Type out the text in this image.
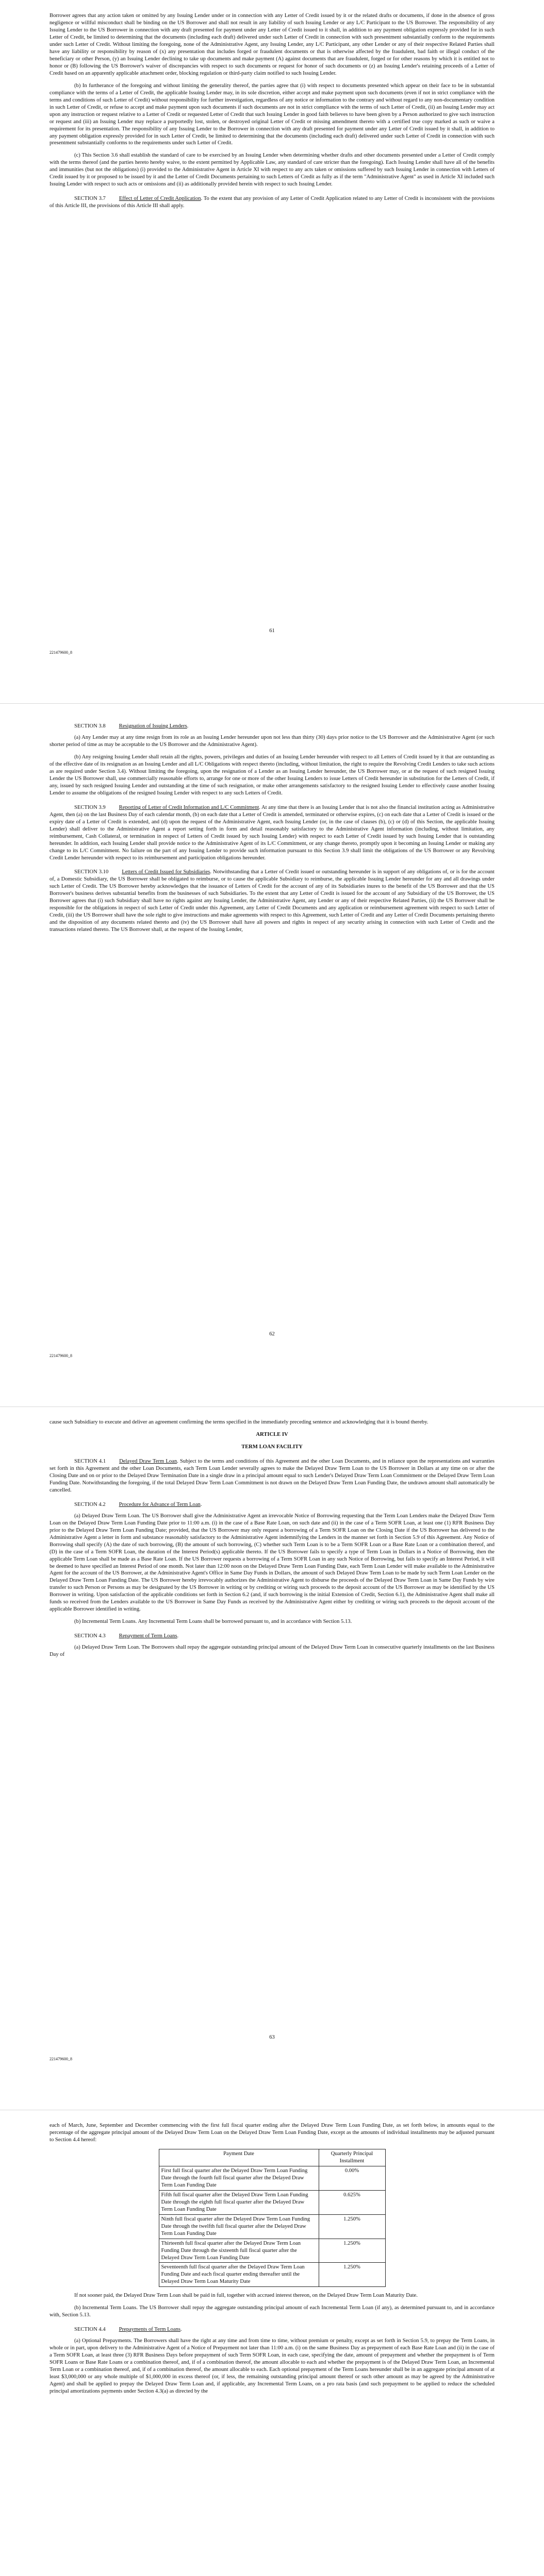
Borrower agrees that any action taken or omitted by any Issuing Lender under or in connection with any Letter of Credit issued by it or the related drafts or documents, if done in the absence of gross negligence or willful misconduct shall be binding on the US Borrower and shall not result in any liability of such Issuing Lender or any L/C Participant to the US Borrower. The responsibility of any Issuing Lender to the US Borrower in connection with any draft presented for payment under any Letter of Credit issued to it shall, in addition to any payment obligation expressly provided for in such Letter of Credit, be limited to determining that the documents (including each draft) delivered under such Letter of Credit in connection with such presentment substantially conform to the requirements under such Letter of Credit. Without limiting the foregoing, none of the Administrative Agent, any Issuing Lender, any L/C Participant, any other Lender or any of their respective Related Parties shall have any liability or responsibility by reason of (x) any presentation that includes forged or fraudulent documents or that is otherwise affected by the fraudulent, bad faith or illegal conduct of the beneficiary or other Person, (y) an Issuing Lender declining to take up documents and make payment (A) against documents that are fraudulent, forged or for other reasons by which it is entitled not to honor or (B) following the US Borrower's waiver of discrepancies with respect to such documents or request for honor of such documents or (z) an Issuing Lender's retaining proceeds of a Letter of Credit based on an apparently applicable attachment order, blocking regulation or third-party claim notified to such Issuing Lender.

(b) In furtherance of the foregoing and without limiting the generality thereof, the parties agree that (i) with respect to documents presented which appear on their face to be in substantial compliance with the terms of a Letter of Credit, the applicable Issuing Lender may, in its sole discretion, either accept and make payment upon such documents (even if not in strict compliance with the terms and conditions of such Letter of Credit) without responsibility for further investigation, regardless of any notice or information to the contrary and without regard to any non-documentary condition in such Letter of Credit, or refuse to accept and make payment upon such documents if such documents are not in strict compliance with the terms of such Letter of Credit, (ii) an Issuing Lender may act upon any instruction or request relative to a Letter of Credit or requested Letter of Credit that such Issuing Lender in good faith believes to have been given by a Person authorized to give such instruction or request and (iii) an Issuing Lender may replace a purportedly lost, stolen, or destroyed original Letter of Credit or missing amendment thereto with a certified true copy marked as such or waive a requirement for its presentation. The responsibility of any Issuing Lender to the Borrower in connection with any draft presented for payment under any Letter of Credit issued by it shall, in addition to any payment obligation expressly provided for in such Letter of Credit, be limited to determining that the documents (including each draft) delivered under such Letter of Credit in connection with such presentment substantially conforms to the requirements under such Letter of Credit.

(c) This Section 3.6 shall establish the standard of care to be exercised by an Issuing Lender when determining whether drafts and other documents presented under a Letter of Credit comply with the terms thereof (and the parties hereto hereby waive, to the extent permitted by Applicable Law, any standard of care stricter than the foregoing). Each Issuing Lender shall have all of the benefits and immunities (but not the obligations) (i) provided to the Administrative Agent in Article XI with respect to any acts taken or omissions suffered by such Issuing Lender in connection with Letters of Credit issued by it or proposed to be issued by it and the Letter of Credit Documents pertaining to such Letters of Credit as fully as if the term "Administrative Agent" as used in Article XI included such Issuing Lender with respect to such acts or omissions and (ii) as additionally provided herein with respect to such Issuing Lender.

SECTION 3.7 Effect of Letter of Credit Application. To the extent that any provision of any Letter of Credit Application related to any Letter of Credit is inconsistent with the provisions of this Article III, the provisions of this Article III shall apply.

61
221479600_8

SECTION 3.8 Resignation of Issuing Lenders.

(a) Any Lender may at any time resign from its role as an Issuing Lender hereunder upon not less than thirty (30) days prior notice to the US Borrower and the Administrative Agent (or such shorter period of time as may be acceptable to the US Borrower and the Administrative Agent).

(b) Any resigning Issuing Lender shall retain all the rights, powers, privileges and duties of an Issuing Lender hereunder with respect to all Letters of Credit issued by it that are outstanding as of the effective date of its resignation as an Issuing Lender and all L/C Obligations with respect thereto (including, without limitation, the right to require the Revolving Credit Lenders to take such actions as are required under Section 3.4). Without limiting the foregoing, upon the resignation of a Lender as an Issuing Lender hereunder, the US Borrower may, or at the request of such resigned Issuing Lender the US Borrower shall, use commercially reasonable efforts to, arrange for one or more of the other Issuing Lenders to issue Letters of Credit hereunder in substitution for the Letters of Credit, if any, issued by such resigned Issuing Lender and outstanding at the time of such resignation, or make other arrangements satisfactory to the resigned Issuing Lender to effectively cause another Issuing Lender to assume the obligations of the resigned Issuing Lender with respect to any such Letters of Credit.

SECTION 3.9 Reporting of Letter of Credit Information and L/C Commitment. At any time that there is an Issuing Lender that is not also the financial institution acting as Administrative Agent, then (a) on the last Business Day of each calendar month, (b) on each date that a Letter of Credit is amended, terminated or otherwise expires, (c) on each date that a Letter of Credit is issued or the expiry date of a Letter of Credit is extended, and (d) upon the request of the Administrative Agent, each Issuing Lender (or, in the case of clauses (b), (c) or (d) of this Section, the applicable Issuing Lender) shall deliver to the Administrative Agent a report setting forth in form and detail reasonably satisfactory to the Administrative Agent information (including, without limitation, any reimbursement, Cash Collateral, or termination in respect of Letters of Credit issued by such Issuing Lender) with respect to each Letter of Credit issued by such Issuing Lender that is outstanding hereunder. In addition, each Issuing Lender shall provide notice to the Administrative Agent of its L/C Commitment, or any change thereto, promptly upon it becoming an Issuing Lender or making any change to its L/C Commitment. No failure on the part of any Issuing Lender to provide such information pursuant to this Section 3.9 shall limit the obligations of the US Borrower or any Revolving Credit Lender hereunder with respect to its reimbursement and participation obligations hereunder.

SECTION 3.10 Letters of Credit Issued for Subsidiaries. Notwithstanding that a Letter of Credit issued or outstanding hereunder is in support of any obligations of, or is for the account of, a Domestic Subsidiary, the US Borrower shall be obligated to reimburse, or to cause the applicable Subsidiary to reimburse, the applicable Issuing Lender hereunder for any and all drawings under such Letter of Credit. The US Borrower hereby acknowledges that the issuance of Letters of Credit for the account of any of its Subsidiaries inures to the benefit of the US Borrower and that the US Borrower's business derives substantial benefits from the businesses of such Subsidiaries. To the extent that any Letter of Credit is issued for the account of any Subsidiary of the US Borrower, the US Borrower agrees that (i) such Subsidiary shall have no rights against any Issuing Lender, the Administrative Agent, any Lender or any of their respective Related Parties, (ii) the US Borrower shall be responsible for the obligations in respect of such Letter of Credit under this Agreement, any Letter of Credit Documents and any application or reimbursement agreement with respect to such Letter of Credit, (iii) the US Borrower shall have the sole right to give instructions and make agreements with respect to this Agreement, such Letter of Credit and any Letter of Credit Documents pertaining thereto and the disposition of any documents related thereto and (iv) the US Borrower shall have all powers and rights in respect of any security arising in connection with such Letter of Credit and the transactions related thereto. The US Borrower shall, at the request of the Issuing Lender,

62
221479600_8

cause such Subsidiary to execute and deliver an agreement confirming the terms specified in the immediately preceding sentence and acknowledging that it is bound thereby.

ARTICLE IV
TERM LOAN FACILITY

SECTION 4.1 Delayed Draw Term Loan. Subject to the terms and conditions of this Agreement and the other Loan Documents, and in reliance upon the representations and warranties set forth in this Agreement and the other Loan Documents, each Term Loan Lender severally agrees to make the Delayed Draw Term Loan to the US Borrower in Dollars at any time on or after the Closing Date and on or prior to the Delayed Draw Termination Date in a single draw in a principal amount equal to such Lender's Delayed Draw Term Loan Commitment or the Delayed Draw Term Loan Funding Date. Notwithstanding the foregoing, if the total Delayed Draw Term Loan Commitment is not drawn on the Delayed Draw Term Loan Funding Date, the undrawn amount shall automatically be cancelled.

SECTION 4.2 Procedure for Advance of Term Loan.

(a) Delayed Draw Term Loan. The US Borrower shall give the Administrative Agent an irrevocable Notice of Borrowing requesting that the Term Loan Lenders make the Delayed Draw Term Loan on the Delayed Draw Term Loan Funding Date prior to 11:00 a.m. (i) in the case of a Base Rate Loan, on such date and (ii) in the case of a Term SOFR Loan, at least one (1) RFR Business Day prior to the Delayed Draw Term Loan Funding Date; provided, that the US Borrower may only request a borrowing of a Term SOFR Loan on the Closing Date if the US Borrower has delivered to the Administrative Agent a letter in form and substance reasonably satisfactory to the Administrative Agent indemnifying the Lenders in the manner set forth in Section 5.9 of this Agreement. Any Notice of Borrowing shall specify (A) the date of such borrowing, (B) the amount of such borrowing, (C) whether such Term Loan is to be a Term SOFR Loan or a Base Rate Loan or a combination thereof, and (D) in the case of a Term SOFR Loan, the duration of the Interest Period(s) applicable thereto. If the US Borrower fails to specify a type of Term Loan in Dollars in a Notice of Borrowing, then the applicable Term Loan shall be made as a Base Rate Loan. If the US Borrower requests a borrowing of a Term SOFR Loan in any such Notice of Borrowing, but fails to specify an Interest Period, it will be deemed to have specified an Interest Period of one month. Not later than 12:00 noon on the Delayed Draw Term Loan Funding Date, each Term Loan Lender will make available to the Administrative Agent for the account of the US Borrower, at the Administrative Agent's Office in Same Day Funds in Dollars, the amount of such Delayed Draw Term Loan to be made by such Term Loan Lender on the Delayed Draw Term Loan Funding Date. The US Borrower hereby irrevocably authorizes the Administrative Agent to disburse the proceeds of the Delayed Draw Term Loan in Same Day Funds by wire transfer to such Person or Persons as may be designated by the US Borrower in writing or by crediting or wiring such proceeds to the deposit account of the US Borrower as may be identified by the US Borrower in writing. Upon satisfaction of the applicable conditions set forth in Section 6.2 (and, if such borrowing is the initial Extension of Credit, Section 6.1), the Administrative Agent shall make all funds so received from the Lenders available to the US Borrower in Same Day Funds as received by the Administrative Agent either by crediting or wiring such proceeds to the deposit account of the applicable Borrower identified in writing.

(b) Incremental Term Loans. Any Incremental Term Loans shall be borrowed pursuant to, and in accordance with Section 5.13.

SECTION 4.3 Repayment of Term Loans.

(a) Delayed Draw Term Loan. The Borrowers shall repay the aggregate outstanding principal amount of the Delayed Draw Term Loan in consecutive quarterly installments on the last Business Day of

63
221479600_8

each of March, June, September and December commencing with the first full fiscal quarter ending after the Delayed Draw Term Loan Funding Date, as set forth below, in amounts equal to the percentage of the aggregate principal amount of the Delayed Draw Term Loan on the Delayed Draw Term Loan Funding Date, except as the amounts of individual installments may be adjusted pursuant to Section 4.4 hereof:

Payment Date	Quarterly Principal Installment
First full fiscal quarter after the Delayed Draw Term Loan Funding Date through the fourth full fiscal quarter after the Delayed Draw Term Loan Funding Date	0.00%
Fifth full fiscal quarter after the Delayed Draw Term Loan Funding Date through the eighth full fiscal quarter after the Delayed Draw Term Loan Funding Date	0.625%
Ninth full fiscal quarter after the Delayed Draw Term Loan Funding Date through the twelfth full fiscal quarter after the Delayed Draw Term Loan Funding Date	1.250%
Thirteenth full fiscal quarter after the Delayed Draw Term Loan Funding Date through the sixteenth full fiscal quarter after the Delayed Draw Term Loan Funding Date	1.250%
Seventeenth full fiscal quarter after the Delayed Draw Term Loan Funding Date and each fiscal quarter ending thereafter until the Delayed Draw Term Loan Maturity Date	1.250%

If not sooner paid, the Delayed Draw Term Loan shall be paid in full, together with accrued interest thereon, on the Delayed Draw Term Loan Maturity Date.

(b) Incremental Term Loans. The US Borrower shall repay the aggregate outstanding principal amount of each Incremental Term Loan (if any), as determined pursuant to, and in accordance with, Section 5.13.

SECTION 4.4 Prepayments of Term Loans.

(a) Optional Prepayments. The Borrowers shall have the right at any time and from time to time, without premium or penalty, except as set forth in Section 5.9, to prepay the Term Loans, in whole or in part, upon delivery to the Administrative Agent of a Notice of Prepayment not later than 11:00 a.m. (i) on the same Business Day as prepayment of each Base Rate Loan and (ii) in the case of a Term SOFR Loan, at least three (3) RFR Business Days before prepayment of such Term SOFR Loan, in each case, specifying the date, amount of prepayment and whether the prepayment is of Term SOFR Loans or Base Rate Loans or a combination thereof, and, if of a combination thereof, the amount allocable to each and whether the prepayment is of the Delayed Draw Term Loan, an Incremental Term Loan or a combination thereof, and, if of a combination thereof, the amount allocable to each. Each optional prepayment of the Term Loans hereunder shall be in an aggregate principal amount of at least $3,000,000 or any whole multiple of $1,000,000 in excess thereof (or, if less, the remaining outstanding principal amount thereof or such other amount as may be agreed by the Administrative Agent) and shall be applied to prepay the Delayed Draw Term Loan and, if applicable, any Incremental Term Loans, on a pro rata basis (and such prepayment to be applied to reduce the scheduled principal amortizations payments under Section 4.3(a) as directed by the
